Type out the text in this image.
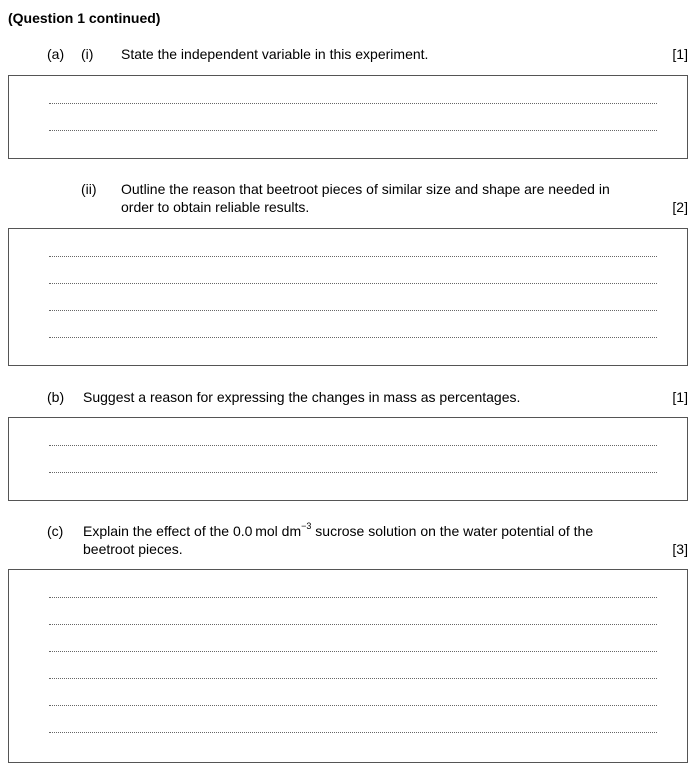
(Question 1 continued)
(a) (i) State the independent variable in this experiment.	[1]
(ii) Outline the reason that beetroot pieces of similar size and shape are needed in
order to obtain reliable results.	[2]
(b) Suggest a reason for expressing the changes in mass as percentages.	[1]
(c) Explain the effect of the 0.0 mol $dm^{-3}$ sucrose solution on the water potential of the
beetroot pieces.	[3]
